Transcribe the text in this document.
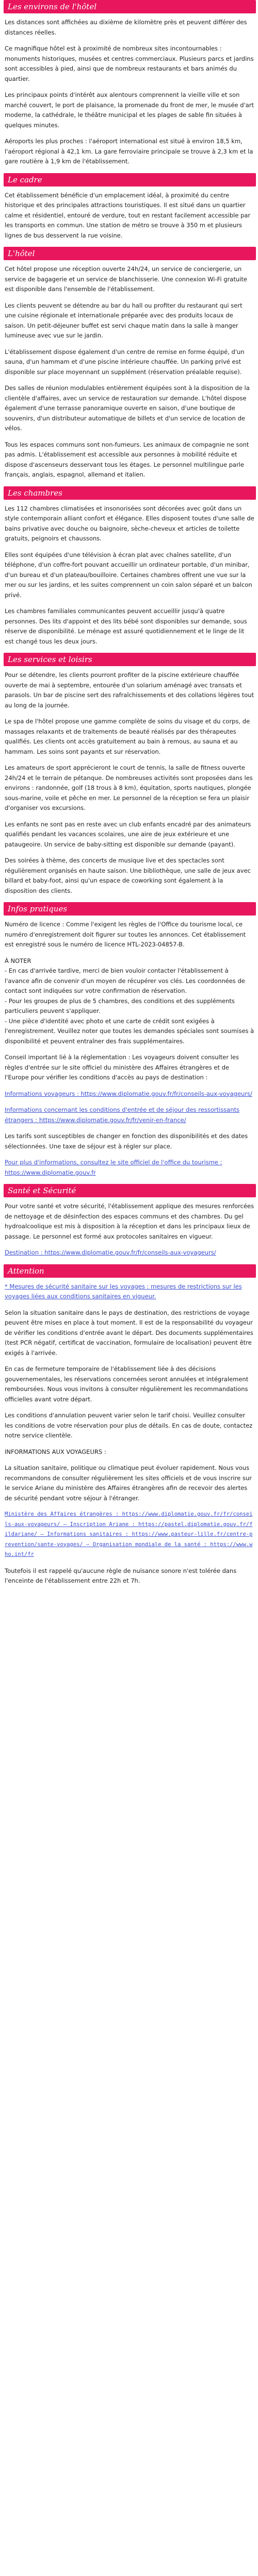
Les environs de l'hôtel

Les distances sont affichées au dixième de kilomètre près et peuvent différer des distances réelles.

Ce magnifique hôtel est à proximité de nombreux sites incontournables : monuments historiques, musées et centres commerciaux. Plusieurs parcs et jardins sont accessibles à pied, ainsi que de nombreux restaurants et bars animés du quartier.

Les principaux points d'intérêt aux alentours comprennent la vieille ville et son marché couvert, le port de plaisance, la promenade du front de mer, le musée d'art moderne, la cathédrale, le théâtre municipal et les plages de sable fin situées à quelques minutes.

Aéroports les plus proches : l'aéroport international est situé à environ 18,5 km, l'aéroport régional à 42,1 km. La gare ferroviaire principale se trouve à 2,3 km et la gare routière à 1,9 km de l'établissement.

Le cadre

Cet établissement bénéficie d'un emplacement idéal, à proximité du centre historique et des principales attractions touristiques. Il est situé dans un quartier calme et résidentiel, entouré de verdure, tout en restant facilement accessible par les transports en commun. Une station de métro se trouve à 350 m et plusieurs lignes de bus desservent la rue voisine.

L'hôtel

Cet hôtel propose une réception ouverte 24h/24, un service de conciergerie, un service de bagagerie et un service de blanchisserie. Une connexion Wi-Fi gratuite est disponible dans l'ensemble de l'établissement.

Les clients peuvent se détendre au bar du hall ou profiter du restaurant qui sert une cuisine régionale et internationale préparée avec des produits locaux de saison. Un petit-déjeuner buffet est servi chaque matin dans la salle à manger lumineuse avec vue sur le jardin.

L'établissement dispose également d'un centre de remise en forme équipé, d'un sauna, d'un hammam et d'une piscine intérieure chauffée. Un parking privé est disponible sur place moyennant un supplément (réservation préalable requise).

Des salles de réunion modulables entièrement équipées sont à la disposition de la clientèle d'affaires, avec un service de restauration sur demande. L'hôtel dispose également d'une terrasse panoramique ouverte en saison, d'une boutique de souvenirs, d'un distributeur automatique de billets et d'un service de location de vélos.

Tous les espaces communs sont non-fumeurs. Les animaux de compagnie ne sont pas admis. L'établissement est accessible aux personnes à mobilité réduite et dispose d'ascenseurs desservant tous les étages. Le personnel multilingue parle français, anglais, espagnol, allemand et italien.

Les chambres

Les 112 chambres climatisées et insonorisées sont décorées avec goût dans un style contemporain alliant confort et élégance. Elles disposent toutes d'une salle de bains privative avec douche ou baignoire, sèche-cheveux et articles de toilette gratuits, peignoirs et chaussons.

Elles sont équipées d'une télévision à écran plat avec chaînes satellite, d'un téléphone, d'un coffre-fort pouvant accueillir un ordinateur portable, d'un minibar, d'un bureau et d'un plateau/bouilloire. Certaines chambres offrent une vue sur la mer ou sur les jardins, et les suites comprennent un coin salon séparé et un balcon privé.

Les chambres familiales communicantes peuvent accueillir jusqu'à quatre personnes. Des lits d'appoint et des lits bébé sont disponibles sur demande, sous réserve de disponibilité. Le ménage est assuré quotidiennement et le linge de lit est changé tous les deux jours.

Les services et loisirs

Pour se détendre, les clients pourront profiter de la piscine extérieure chauffée ouverte de mai à septembre, entourée d'un solarium aménagé avec transats et parasols. Un bar de piscine sert des rafraîchissements et des collations légères tout au long de la journée.

Le spa de l'hôtel propose une gamme complète de soins du visage et du corps, de massages relaxants et de traitements de beauté réalisés par des thérapeutes qualifiés. Les clients ont accès gratuitement au bain à remous, au sauna et au hammam. Les soins sont payants et sur réservation.

Les amateurs de sport apprécieront le court de tennis, la salle de fitness ouverte 24h/24 et le terrain de pétanque. De nombreuses activités sont proposées dans les environs : randonnée, golf (18 trous à 8 km), équitation, sports nautiques, plongée sous-marine, voile et pêche en mer. Le personnel de la réception se fera un plaisir d'organiser vos excursions.

Les enfants ne sont pas en reste avec un club enfants encadré par des animateurs qualifiés pendant les vacances scolaires, une aire de jeux extérieure et une pataugeoire. Un service de baby-sitting est disponible sur demande (payant).

Des soirées à thème, des concerts de musique live et des spectacles sont régulièrement organisés en haute saison. Une bibliothèque, une salle de jeux avec billard et baby-foot, ainsi qu'un espace de coworking sont également à la disposition des clients.

Infos pratiques

Numéro de licence : Comme l'exigent les règles de l'Office du tourisme local, ce numéro d'enregistrement doit figurer sur toutes les annonces. Cet établissement est enregistré sous le numéro de licence HTL-2023-04857-B.

À NOTER

- En cas d'arrivée tardive, merci de bien vouloir contacter l'établissement à l'avance afin de convenir d'un moyen de récupérer vos clés. Les coordonnées de contact sont indiquées sur votre confirmation de réservation.

- Pour les groupes de plus de 5 chambres, des conditions et des suppléments particuliers peuvent s'appliquer.

- Une pièce d'identité avec photo et une carte de crédit sont exigées à l'enregistrement. Veuillez noter que toutes les demandes spéciales sont soumises à disponibilité et peuvent entraîner des frais supplémentaires.

Conseil important lié à la réglementation : Les voyageurs doivent consulter les règles d'entrée sur le site officiel du ministère des Affaires étrangères et de l'Europe pour vérifier les conditions d'accès au pays de destination :

Informations voyageurs : https://www.diplomatie.gouv.fr/fr/conseils-aux-voyageurs/

Informations concernant les conditions d'entrée et de séjour des ressortissants étrangers : https://www.diplomatie.gouv.fr/fr/venir-en-france/

Les tarifs sont susceptibles de changer en fonction des disponibilités et des dates sélectionnées. Une taxe de séjour est à régler sur place.

Pour plus d'informations, consultez le site officiel de l'office du tourisme : https://www.diplomatie.gouv.fr

Santé et Sécurité

Pour votre santé et votre sécurité, l'établissement applique des mesures renforcées de nettoyage et de désinfection des espaces communs et des chambres. Du gel hydroalcoolique est mis à disposition à la réception et dans les principaux lieux de passage. Le personnel est formé aux protocoles sanitaires en vigueur.

Destination : https://www.diplomatie.gouv.fr/fr/conseils-aux-voyageurs/

Attention

* Mesures de sécurité sanitaire sur les voyages : mesures de restrictions sur les voyages liées aux conditions sanitaires en vigueur.

Selon la situation sanitaire dans le pays de destination, des restrictions de voyage peuvent être mises en place à tout moment. Il est de la responsabilité du voyageur de vérifier les conditions d'entrée avant le départ. Des documents supplémentaires (test PCR négatif, certificat de vaccination, formulaire de localisation) peuvent être exigés à l'arrivée.

En cas de fermeture temporaire de l'établissement liée à des décisions gouvernementales, les réservations concernées seront annulées et intégralement remboursées. Nous vous invitons à consulter régulièrement les recommandations officielles avant votre départ.

Les conditions d'annulation peuvent varier selon le tarif choisi. Veuillez consulter les conditions de votre réservation pour plus de détails. En cas de doute, contactez notre service clientèle.

INFORMATIONS AUX VOYAGEURS :

La situation sanitaire, politique ou climatique peut évoluer rapidement. Nous vous recommandons de consulter régulièrement les sites officiels et de vous inscrire sur le service Ariane du ministère des Affaires étrangères afin de recevoir des alertes de sécurité pendant votre séjour à l'étranger.

Ministère des Affaires étrangères : https://www.diplomatie.gouv.fr/fr/conseils-aux-voyageurs/ — Inscription Ariane : https://pastel.diplomatie.gouv.fr/fildariane/ — Informations sanitaires : https://www.pasteur-lille.fr/centre-prevention/sante-voyages/ — Organisation mondiale de la santé : https://www.who.int/fr

Toutefois il est rappelé qu'aucune règle de nuisance sonore n'est tolérée dans l'enceinte de l'établissement entre 22h et 7h.
